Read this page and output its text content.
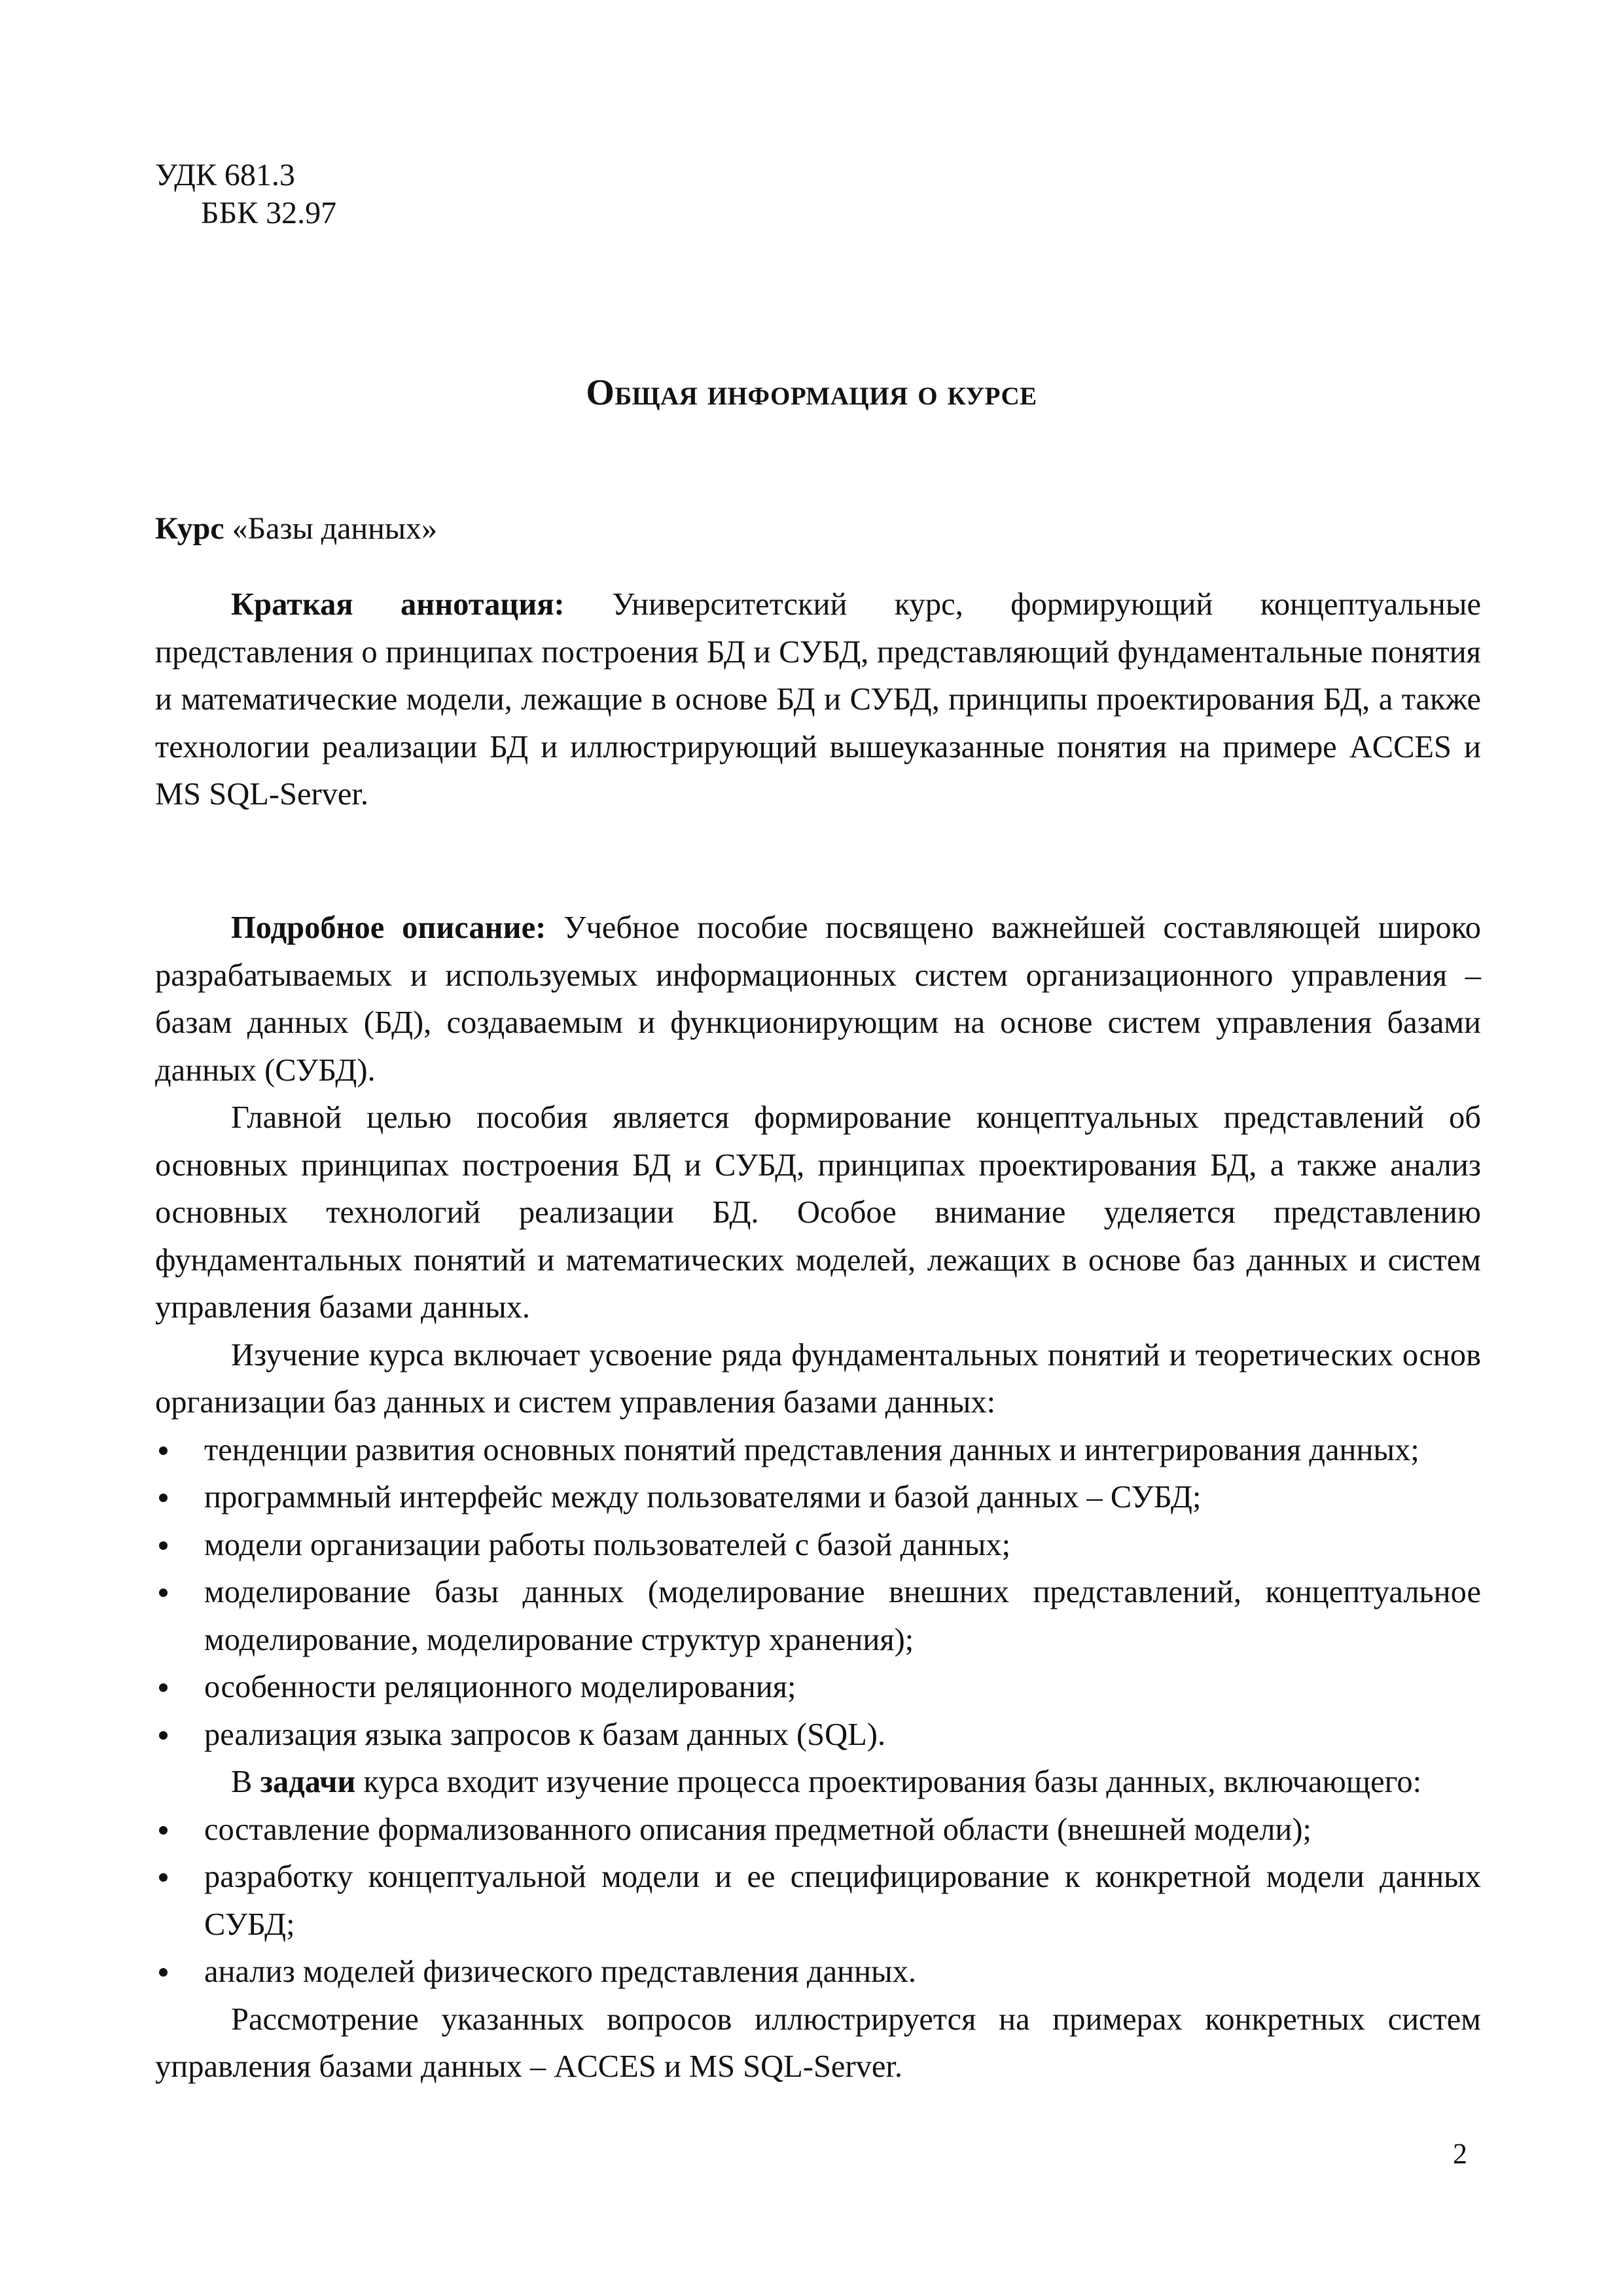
УДК 681.3
ББК 32.97
Общая информация о курсе
Курс «Базы данных»

Краткая аннотация: Университетский курс, формирующий концептуальные представления о принципах построения БД и СУБД, представляющий фундаментальные понятия и математические модели, лежащие в основе БД и СУБД, принципы проектирования БД, а также технологии реализации БД и иллюстрирующий вышеуказанные понятия на примере ACCES и MS SQL-Server.

Подробное описание: Учебное пособие посвящено важнейшей составляющей широко разрабатываемых и используемых информационных систем организационного управления – базам данных (БД), создаваемым и функционирующим на основе систем управления базами данных (СУБД).

Главной целью пособия является формирование концептуальных представлений об основных принципах построения БД и СУБД, принципах проектирования БД, а также анализ основных технологий реализации БД. Особое внимание уделяется представлению фундаментальных понятий и математических моделей, лежащих в основе баз данных и систем управления базами данных.

Изучение курса включает усвоение ряда фундаментальных понятий и теоретических основ организации баз данных и систем управления базами данных:

тенденции развития основных понятий представления данных и интегрирования данных;
программный интерфейс между пользователями и базой данных – СУБД;
модели организации работы пользователей с базой данных;
моделирование базы данных (моделирование внешних представлений, концептуальное моделирование, моделирование структур хранения);
особенности реляционного моделирования;
реализация языка запросов к базам данных (SQL).

В задачи курса входит изучение процесса проектирования базы данных, включающего:

составление формализованного описания предметной области (внешней модели);
разработку концептуальной модели и ее специфицирование к конкретной модели данных СУБД;
анализ моделей физического представления данных.

Рассмотрение указанных вопросов иллюстрируется на примерах конкретных систем управления базами данных – ACCES и MS SQL-Server.

2
